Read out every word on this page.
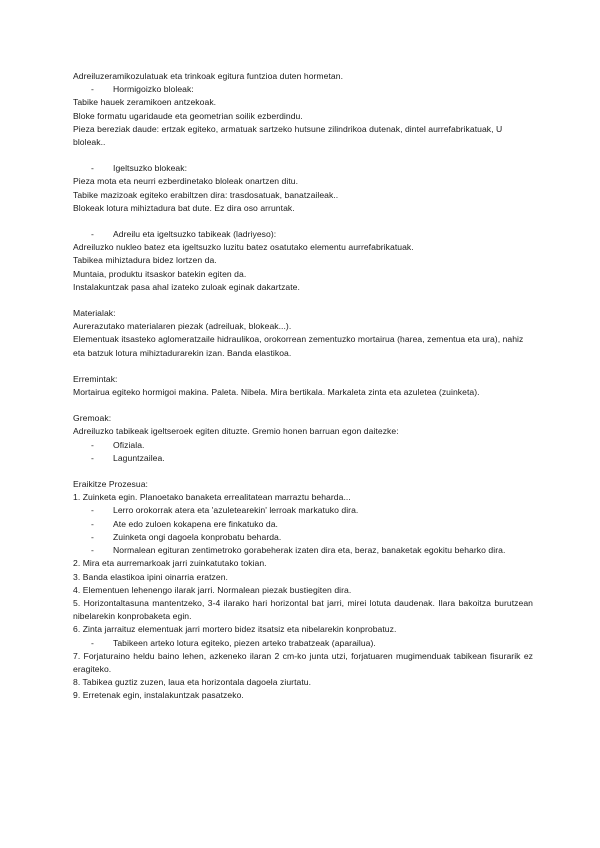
Adreiluzeramikozulatuak eta trinkoak egitura funtzioa duten hormetan.

- Hormigoizko bloleak:

Tabike hauek zeramikoen antzekoak.

Bloke formatu ugaridaude eta geometrian soilik ezberdindu.

Pieza bereziak daude: ertzak egiteko, armatuak sartzeko hutsune zilindrikoa dutenak, dintel aurrefabrikatuak, U bloleak..

- Igeltsuzko blokeak:

Pieza mota eta neurri ezberdinetako bloleak onartzen ditu.

Tabike mazizoak egiteko erabiltzen dira: trasdosatuak, banatzaileak..

Blokeak lotura mihiztadura bat dute. Ez dira oso arruntak.

- Adreilu eta igeltsuzko tabikeak (ladriyeso):

Adreiluzko nukleo batez eta igeltsuzko luzitu batez osatutako elementu aurrefabrikatuak.

Tabikea mihiztadura bidez lortzen da.

Muntaia, produktu itsaskor batekin egiten da.

Instalakuntzak pasa ahal izateko zuloak eginak dakartzate.

Materialak:

Aurerazutako materialaren piezak (adreiluak, blokeak...).

Elementuak itsasteko aglomeratzaile hidraulikoa, orokorrean zementuzko mortairua (harea, zementua eta ura), nahiz eta batzuk lotura mihiztadurarekin izan. Banda elastikoa.

Erremintak:

Mortairua egiteko hormigoi makina. Paleta. Nibela. Mira bertikala. Markaleta zinta eta azuletea (zuinketa).

Gremoak:

Adreiluzko tabikeak igeltseroek egiten dituzte. Gremio honen barruan egon daitezke:

- Ofiziala.

- Laguntzailea.

Eraikitze Prozesua:

1. Zuinketa egin. Planoetako banaketa errealitatean marraztu beharda...

- Lerro orokorrak atera eta 'azuletearekin' lerroak markatuko dira.

- Ate edo zuloen kokapena ere finkatuko da.

- Zuinketa ongi dagoela konprobatu beharda.

- Normalean egituran zentimetroko gorabeherak izaten dira eta, beraz, banaketak egokitu beharko dira.

2. Mira eta aurremarkoak jarri zuinkatutako tokian.

3. Banda elastikoa ipini oinarria eratzen.

4. Elementuen lehenengo ilarak jarri. Normalean piezak bustiegiten dira.

5. Horizontaltasuna mantentzeko, 3-4 ilarako hari horizontal bat jarri, mirei lotuta daudenak. Ilara bakoitza burutzean nibelarekin konprobaketa egin.

6. Zinta jarraituz elementuak jarri mortero bidez itsatsiz eta nibelarekin konprobatuz.

- Tabikeen arteko lotura egiteko, piezen arteko trabatzeak (aparailua).

7. Forjaturaino heldu baino lehen, azkeneko ilaran 2 cm-ko junta utzi, forjatuaren mugimenduak tabikean fisurarik ez eragiteko.

8. Tabikea guztiz zuzen, laua eta horizontala dagoela ziurtatu.

9. Erretenak egin, instalakuntzak pasatzeko.
